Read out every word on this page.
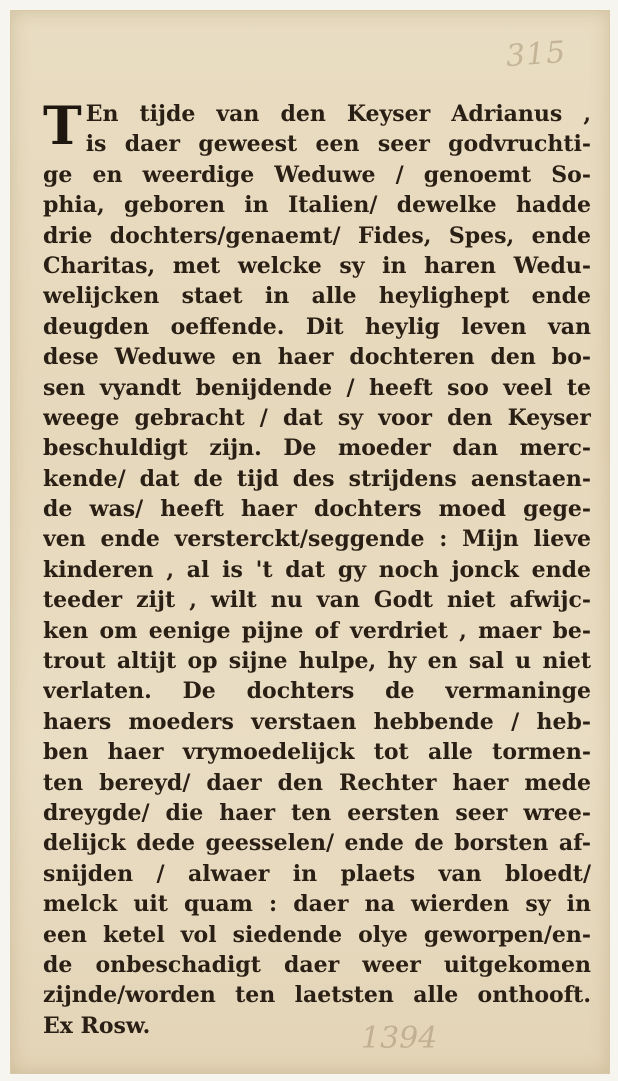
315
T En tijde van den Keyser Adrianus ,
is daer geweest een seer godvruchti-
ge en weerdige Weduwe / genoemt So-
phia, geboren in Italien/ dewelke hadde
drie dochters/genaemt/ Fides, Spes, ende
Charitas, met welcke sy in haren Wedu-
welijcken staet in alle heylighept ende
deugden oeffende. Dit heylig leven van
dese Weduwe en haer dochteren den bo-
sen vyandt benijdende / heeft soo veel te
weege gebracht / dat sy voor den Keyser
beschuldigt zijn. De moeder dan merc-
kende/ dat de tijd des strijdens aenstaen-
de was/ heeft haer dochters moed gege-
ven ende versterckt/seggende : Mijn lieve
kinderen , al is 't dat gy noch jonck ende
teeder zijt , wilt nu van Godt niet afwijc-
ken om eenige pijne of verdriet , maer be-
trout altijt op sijne hulpe, hy en sal u niet
verlaten. De dochters de vermaninge
haers moeders verstaen hebbende / heb-
ben haer vrymoedelijck tot alle tormen-
ten bereyd/ daer den Rechter haer mede
dreygde/ die haer ten eersten seer wree-
delijck dede geesselen/ ende de borsten af-
snijden / alwaer in plaets van bloedt/
melck uit quam : daer na wierden sy in
een ketel vol siedende olye geworpen/en-
de onbeschadigt daer weer uitgekomen
zijnde/worden ten laetsten alle onthooft.
Ex Rosw.	1394
